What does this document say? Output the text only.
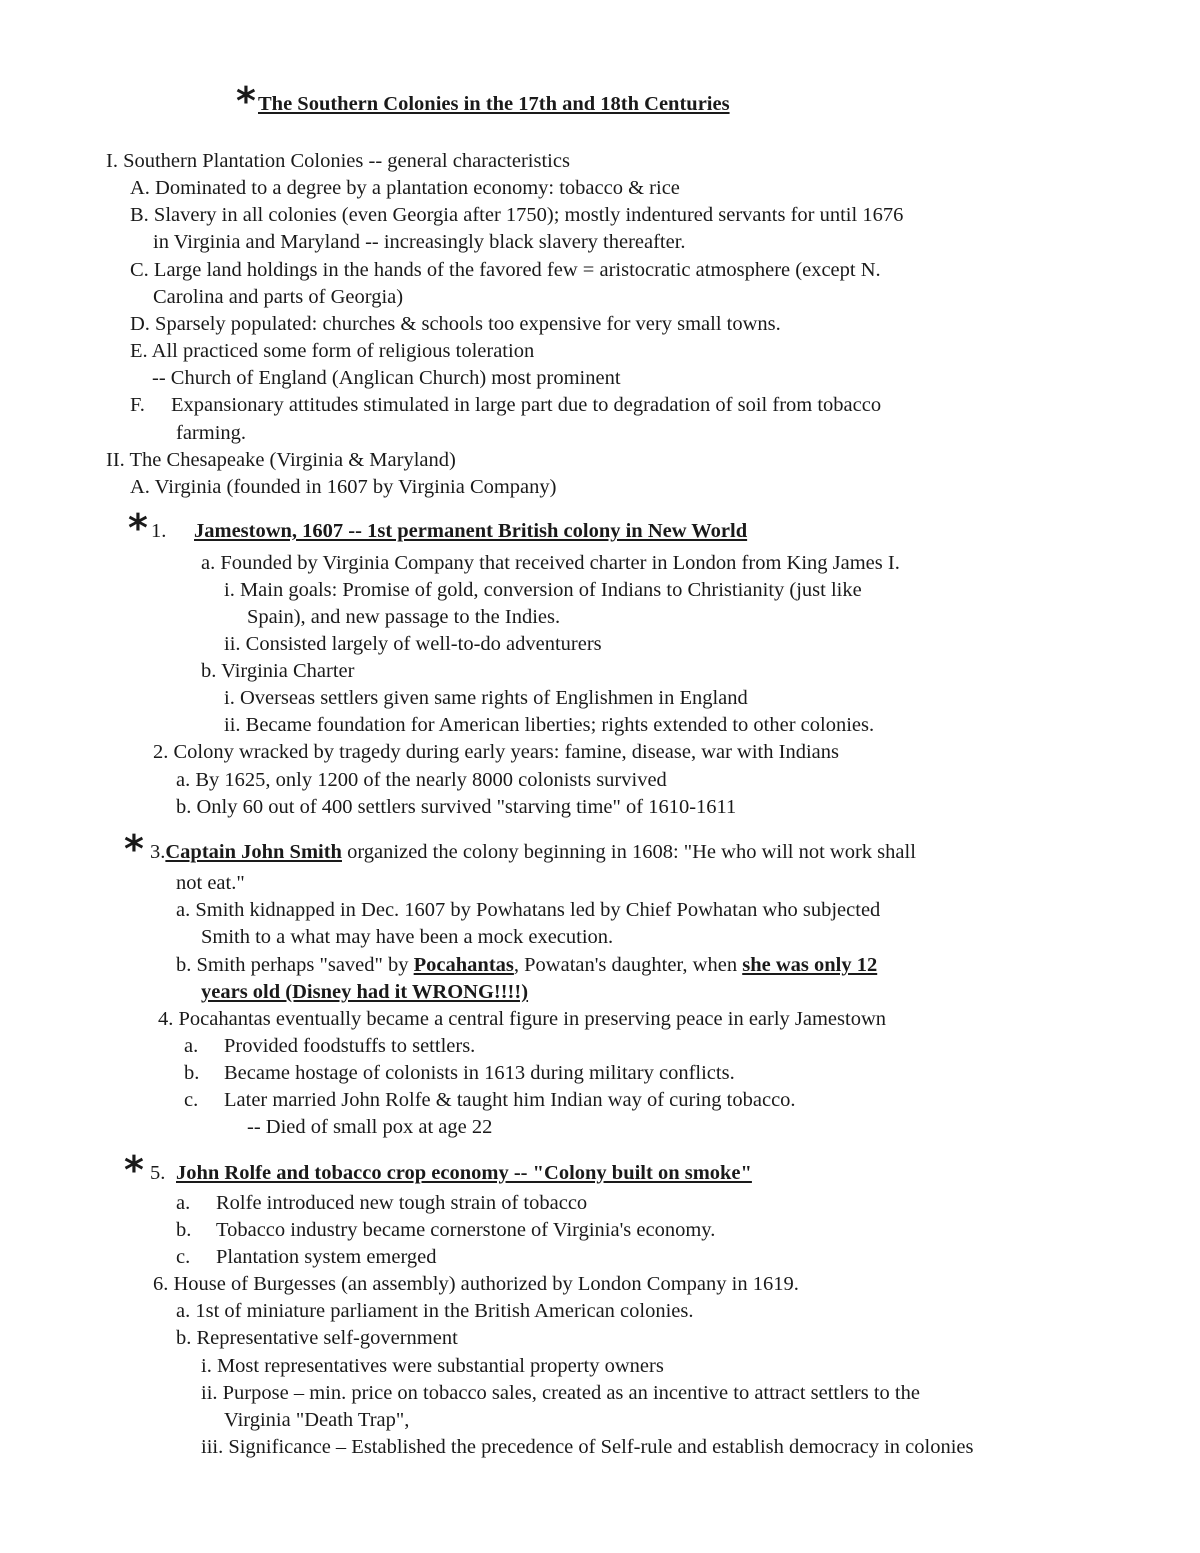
* The Southern Colonies in the 17th and 18th Centuries
I. Southern Plantation Colonies -- general characteristics
A. Dominated to a degree by a plantation economy: tobacco & rice
B. Slavery in all colonies (even Georgia after 1750); mostly indentured servants for until 1676
in Virginia and Maryland -- increasingly black slavery thereafter.
C. Large land holdings in the hands of the favored few = aristocratic atmosphere (except N.
Carolina and parts of Georgia)
D. Sparsely populated: churches & schools too expensive for very small towns.
E. All practiced some form of religious toleration
-- Church of England (Anglican Church) most prominent
F. Expansionary attitudes stimulated in large part due to degradation of soil from tobacco
farming.
II. The Chesapeake (Virginia & Maryland)
A. Virginia (founded in 1607 by Virginia Company)
* 1. Jamestown, 1607 -- 1st permanent British colony in New World
a. Founded by Virginia Company that received charter in London from King James I.
i. Main goals: Promise of gold, conversion of Indians to Christianity (just like
Spain), and new passage to the Indies.
ii. Consisted largely of well-to-do adventurers
b. Virginia Charter
i. Overseas settlers given same rights of Englishmen in England
ii. Became foundation for American liberties; rights extended to other colonies.
2. Colony wracked by tragedy during early years: famine, disease, war with Indians
a. By 1625, only 1200 of the nearly 8000 colonists survived
b. Only 60 out of 400 settlers survived "starving time" of 1610-1611
* 3.Captain John Smith organized the colony beginning in 1608: "He who will not work shall
not eat."
a. Smith kidnapped in Dec. 1607 by Powhatans led by Chief Powhatan who subjected
Smith to a what may have been a mock execution.
b. Smith perhaps "saved" by Pocahantas, Powatan's daughter, when she was only 12
years old (Disney had it WRONG!!!!)
4. Pocahantas eventually became a central figure in preserving peace in early Jamestown
a. Provided foodstuffs to settlers.
b. Became hostage of colonists in 1613 during military conflicts.
c. Later married John Rolfe & taught him Indian way of curing tobacco.
-- Died of small pox at age 22
* 5. John Rolfe and tobacco crop economy -- "Colony built on smoke"
a. Rolfe introduced new tough strain of tobacco
b. Tobacco industry became cornerstone of Virginia's economy.
c. Plantation system emerged
6. House of Burgesses (an assembly) authorized by London Company in 1619.
a. 1st of miniature parliament in the British American colonies.
b. Representative self-government
i. Most representatives were substantial property owners
ii. Purpose – min. price on tobacco sales, created as an incentive to attract settlers to the
Virginia "Death Trap",
iii. Significance – Established the precedence of Self-rule and establish democracy in colonies
